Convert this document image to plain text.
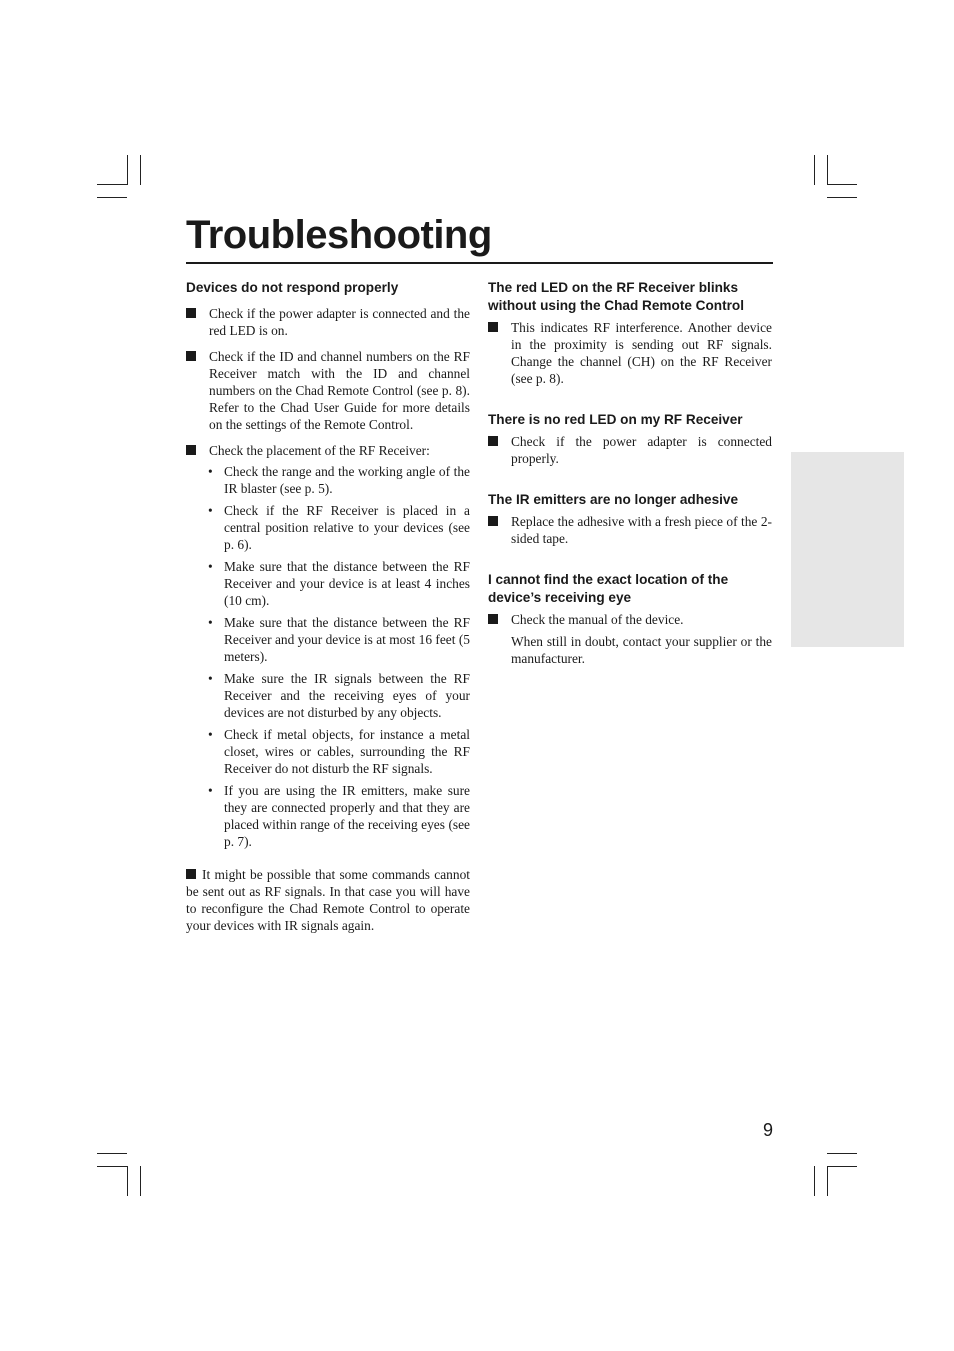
Troubleshooting
Devices do not respond properly

Check if the power adapter is connected and the red LED is on.

Check if the ID and channel numbers on the RF Receiver match with the ID and channel numbers on the Chad Remote Control (see p. 8). Refer to the Chad User Guide for more details on the settings of the Remote Control.

Check the placement of the RF Receiver:

• Check the range and the working angle of the IR blaster (see p. 5).

• Check if the RF Receiver is placed in a central position relative to your devices (see p. 6).

• Make sure that the distance between the RF Receiver and your device is at least 4 inches (10 cm).

• Make sure that the distance between the RF Receiver and your device is at most 16 feet (5 meters).

• Make sure the IR signals between the RF Receiver and the receiving eyes of your devices are not disturbed by any objects.

• Check if metal objects, for instance a metal closet, wires or cables, surrounding the RF Receiver do not disturb the RF signals.

• If you are using the IR emitters, make sure they are connected properly and that they are placed within range of the receiving eyes (see p. 7).

It might be possible that some commands cannot be sent out as RF signals. In that case you will have to reconfigure the Chad Remote Control to operate your devices with IR signals again.

The red LED on the RF Receiver blinks without using the Chad Remote Control

This indicates RF interference. Another device in the proximity is sending out RF signals. Change the channel (CH) on the RF Receiver (see p. 8).

There is no red LED on my RF Receiver

Check if the power adapter is connected properly.

The IR emitters are no longer adhesive

Replace the adhesive with a fresh piece of the 2-sided tape.

I cannot find the exact location of the device’s receiving eye

Check the manual of the device.

When still in doubt, contact your supplier or the manufacturer.

9
